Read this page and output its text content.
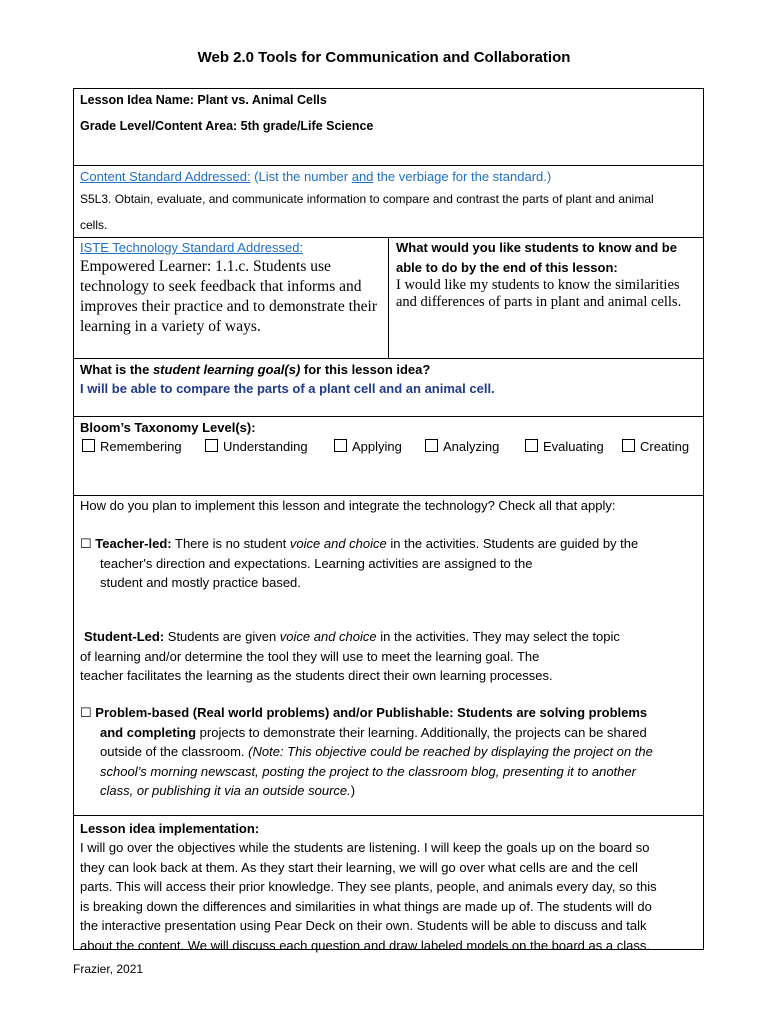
Web 2.0 Tools for Communication and Collaboration
Lesson Idea Name: Plant vs. Animal Cells
Grade Level/Content Area: 5th grade/Life Science
Content Standard Addressed: (List the number and the verbiage for the standard.)

S5L3. Obtain, evaluate, and communicate information to compare and contrast the parts of plant and animal

cells.

ISTE Technology Standard Addressed:
Empowered Learner: 1.1.c. Students use technology to seek feedback that informs and improves their practice and to demonstrate their learning in a variety of ways.
What would you like students to know and be able to do by the end of this lesson:
I would like my students to know the similarities and differences of parts in plant and animal cells.
What is the student learning goal(s) for this lesson idea?
I will be able to compare the parts of a plant cell and an animal cell.
Bloom’s Taxonomy Level(s):
Remembering	Understanding	Applying	Analyzing	Evaluating	Creating
How do you plan to implement this lesson and integrate the technology? Check all that apply:

☐ Teacher-led: There is no student voice and choice in the activities. Students are guided by the

teacher's direction and expectations. Learning activities are assigned to the

student and mostly practice based.

Student-Led: Students are given voice and choice in the activities. They may select the topic

of learning and/or determine the tool they will use to meet the learning goal. The

teacher facilitates the learning as the students direct their own learning processes.

☐ Problem-based (Real world problems) and/or Publishable: Students are solving problems

and completing projects to demonstrate their learning. Additionally, the projects can be shared

outside of the classroom. (Note: This objective could be reached by displaying the project on the

school’s morning newscast, posting the project to the classroom blog, presenting it to another

class, or publishing it via an outside source.)

Lesson idea implementation:

I will go over the objectives while the students are listening. I will keep the goals up on the board so

they can look back at them. As they start their learning, we will go over what cells are and the cell

parts. This will access their prior knowledge. They see plants, people, and animals every day, so this

is breaking down the differences and similarities in what things are made up of. The students will do

the interactive presentation using Pear Deck on their own. Students will be able to discuss and talk

about the content. We will discuss each question and draw labeled models on the board as a class.

Frazier, 2021
